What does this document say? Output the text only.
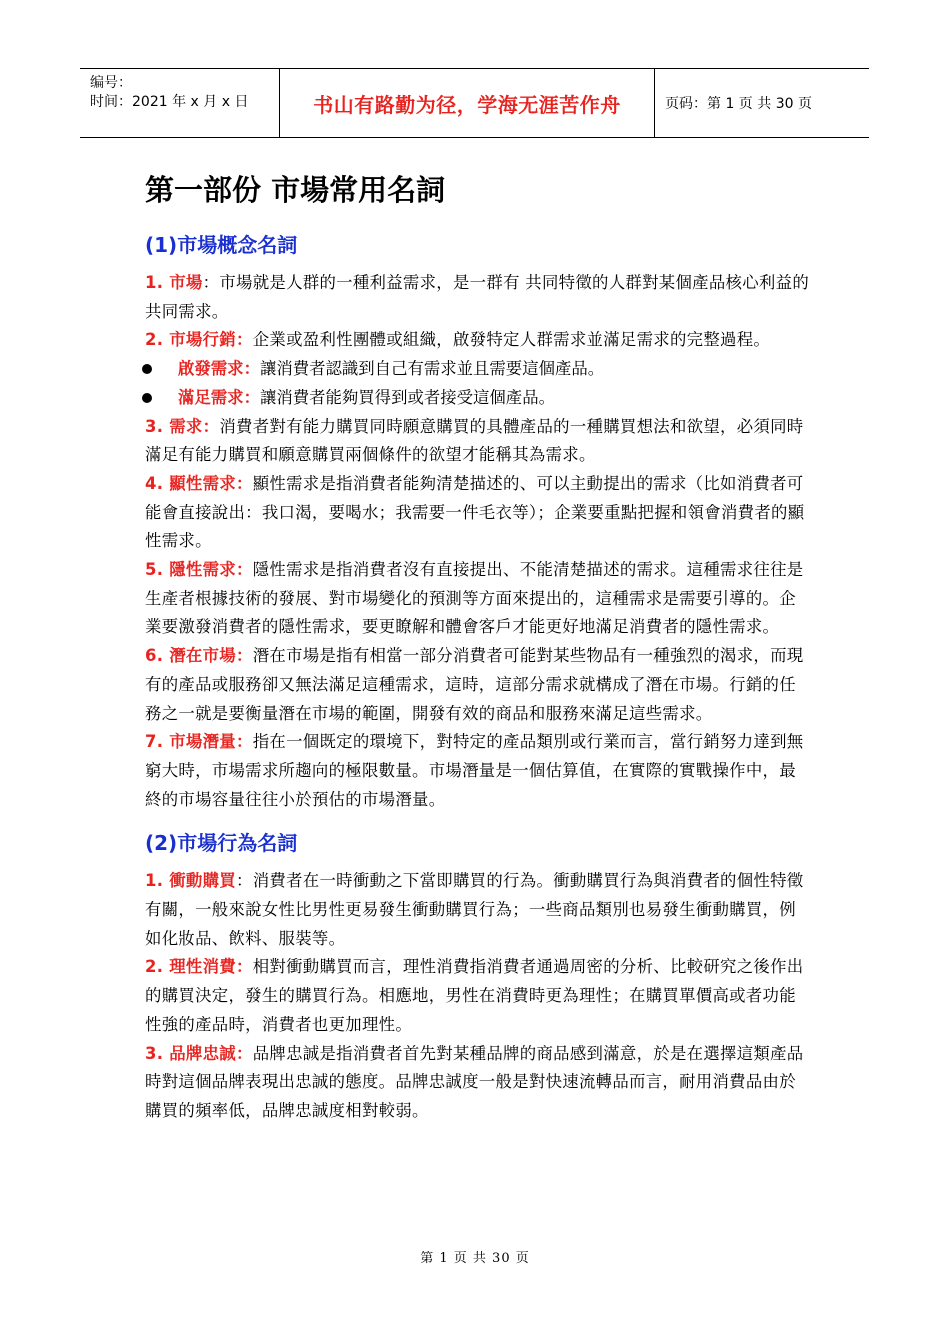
编号：
时间：2021 年 x 月 x 日	书山有路勤为径，学海无涯苦作舟	页码：第 1 页 共 30 页
第一部份 市場常用名詞
(1)市場概念名詞

1. 市場：市場就是人群的一種利益需求，是一群有 共同特徵的人群對某個產品核心利益的共同需求。

2. 市場行銷：企業或盈利性團體或組織，啟發特定人群需求並滿足需求的完整過程。

啟發需求：讓消費者認識到自己有需求並且需要這個產品。
滿足需求：讓消費者能夠買得到或者接受這個產品。

3. 需求：消費者對有能力購買同時願意購買的具體產品的一種購買想法和欲望，必須同時滿足有能力購買和願意購買兩個條件的欲望才能稱其為需求。

4. 顯性需求：顯性需求是指消費者能夠清楚描述的、可以主動提出的需求（比如消費者可能會直接說出：我口渴，要喝水；我需要一件毛衣等）；企業要重點把握和領會消費者的顯性需求。

5. 隱性需求：隱性需求是指消費者沒有直接提出、不能清楚描述的需求。這種需求往往是生產者根據技術的發展、對市場變化的預測等方面來提出的，這種需求是需要引導的。企業要激發消費者的隱性需求，要更瞭解和體會客戶才能更好地滿足消費者的隱性需求。

6. 潛在市場：潛在市場是指有相當一部分消費者可能對某些物品有一種強烈的渴求，而現有的產品或服務卻又無法滿足這種需求，這時，這部分需求就構成了潛在市場。行銷的任務之一就是要衡量潛在市場的範圍，開發有效的商品和服務來滿足這些需求。

7. 市場潛量：指在一個既定的環境下，對特定的產品類別或行業而言，當行銷努力達到無窮大時，市場需求所趨向的極限數量。市場潛量是一個估算值，在實際的實戰操作中，最終的市場容量往往小於預估的市場潛量。

(2)市場行為名詞

1. 衝動購買：消費者在一時衝動之下當即購買的行為。衝動購買行為與消費者的個性特徵有關，一般來說女性比男性更易發生衝動購買行為；一些商品類別也易發生衝動購買，例如化妝品、飲料、服裝等。

2. 理性消費：相對衝動購買而言，理性消費指消費者通過周密的分析、比較研究之後作出的購買決定，發生的購買行為。相應地，男性在消費時更為理性；在購買單價高或者功能性強的產品時，消費者也更加理性。

3. 品牌忠誠：品牌忠誠是指消費者首先對某種品牌的商品感到滿意，於是在選擇這類產品時對這個品牌表現出忠誠的態度。品牌忠誠度一般是對快速流轉品而言，耐用消費品由於購買的頻率低，品牌忠誠度相對較弱。

第 1 页 共 30 页
